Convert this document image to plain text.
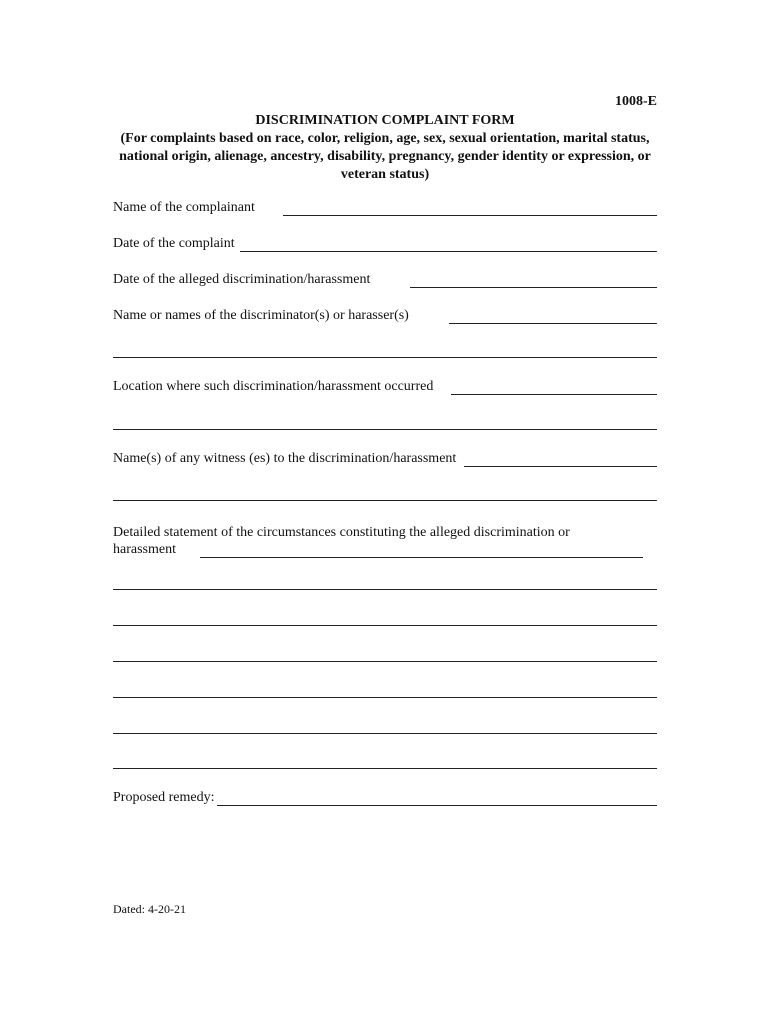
1008-E
DISCRIMINATION COMPLAINT FORM
(For complaints based on race, color, religion, age, sex, sexual orientation, marital status, national origin, alienage, ancestry, disability, pregnancy, gender identity or expression, or veteran status)
Name of the complainant
Date of the complaint
Date of the alleged discrimination/harassment
Name or names of the discriminator(s) or harasser(s)
Location where such discrimination/harassment occurred
Name(s) of any witness (es) to the discrimination/harassment
Detailed statement of the circumstances constituting the alleged discrimination or
harassment
Proposed remedy:
Dated: 4-20-21
